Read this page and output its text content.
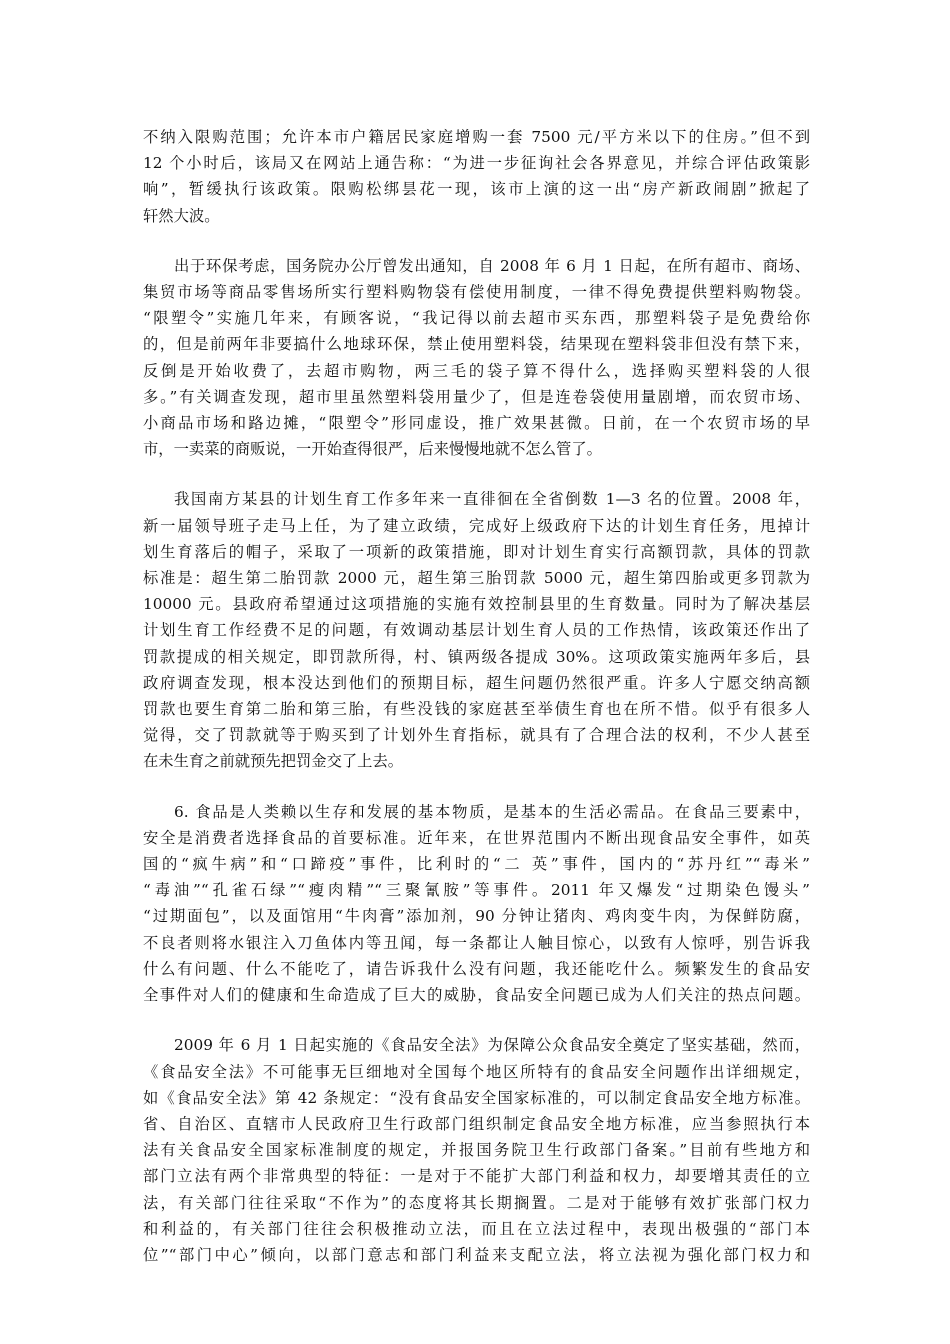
不纳入限购范围；允许本市户籍居民家庭增购一套 7500 元/平方米以下的住房。”但不到
12 个小时后，该局又在网站上通告称：“为进一步征询社会各界意见，并综合评估政策影
响”，暂缓执行该政策。限购松绑昙花一现，该市上演的这一出“房产新政闹剧”掀起了
轩然大波。
出于环保考虑，国务院办公厅曾发出通知，自 2008 年 6 月 1 日起，在所有超市、商场、
集贸市场等商品零售场所实行塑料购物袋有偿使用制度，一律不得免费提供塑料购物袋。
“限塑令”实施几年来，有顾客说，“我记得以前去超市买东西，那塑料袋子是免费给你
的，但是前两年非要搞什么地球环保，禁止使用塑料袋，结果现在塑料袋非但没有禁下来，
反倒是开始收费了，去超市购物，两三毛的袋子算不得什么，选择购买塑料袋的人很
多。”有关调查发现，超市里虽然塑料袋用量少了，但是连卷袋使用量剧增，而农贸市场、
小商品市场和路边摊，“限塑令”形同虚设，推广效果甚微。日前，在一个农贸市场的早
市，一卖菜的商贩说，一开始查得很严，后来慢慢地就不怎么管了。
我国南方某县的计划生育工作多年来一直徘徊在全省倒数 1—3 名的位置。2008 年，
新一届领导班子走马上任，为了建立政绩，完成好上级政府下达的计划生育任务，甩掉计
划生育落后的帽子，采取了一项新的政策措施，即对计划生育实行高额罚款，具体的罚款
标准是：超生第二胎罚款 2000 元，超生第三胎罚款 5000 元，超生第四胎或更多罚款为
10000 元。县政府希望通过这项措施的实施有效控制县里的生育数量。同时为了解决基层
计划生育工作经费不足的问题，有效调动基层计划生育人员的工作热情，该政策还作出了
罚款提成的相关规定，即罚款所得，村、镇两级各提成 30%。这项政策实施两年多后，县
政府调查发现，根本没达到他们的预期目标，超生问题仍然很严重。许多人宁愿交纳高额
罚款也要生育第二胎和第三胎，有些没钱的家庭甚至举债生育也在所不惜。似乎有很多人
觉得，交了罚款就等于购买到了计划外生育指标，就具有了合理合法的权利，不少人甚至
在未生育之前就预先把罚金交了上去。
6. 食品是人类赖以生存和发展的基本物质，是基本的生活必需品。在食品三要素中，
安全是消费者选择食品的首要标准。近年来，在世界范围内不断出现食品安全事件，如英
国的“疯牛病”和“口蹄疫”事件，比利时的“二 英”事件，国内的“苏丹红”“毒米”
“毒油”“孔雀石绿”“瘦肉精”“三聚氰胺”等事件。2011 年又爆发“过期染色馒头”
“过期面包”，以及面馆用“牛肉膏”添加剂，90 分钟让猪肉、鸡肉变牛肉，为保鲜防腐，
不良者则将水银注入刀鱼体内等丑闻，每一条都让人触目惊心，以致有人惊呼，别告诉我
什么有问题、什么不能吃了，请告诉我什么没有问题，我还能吃什么。频繁发生的食品安
全事件对人们的健康和生命造成了巨大的威胁，食品安全问题已成为人们关注的热点问题。
2009 年 6 月 1 日起实施的《食品安全法》为保障公众食品安全奠定了坚实基础，然而，
《食品安全法》不可能事无巨细地对全国每个地区所特有的食品安全问题作出详细规定，
如《食品安全法》第 42 条规定：“没有食品安全国家标准的，可以制定食品安全地方标准。
省、自治区、直辖市人民政府卫生行政部门组织制定食品安全地方标准，应当参照执行本
法有关食品安全国家标准制度的规定，并报国务院卫生行政部门备案。”目前有些地方和
部门立法有两个非常典型的特征：一是对于不能扩大部门利益和权力，却要增其责任的立
法，有关部门往往采取“不作为”的态度将其长期搁置。二是对于能够有效扩张部门权力
和利益的，有关部门往往会积极推动立法，而且在立法过程中，表现出极强的“部门本
位”“部门中心”倾向，以部门意志和部门利益来支配立法，将立法视为强化部门权力和
